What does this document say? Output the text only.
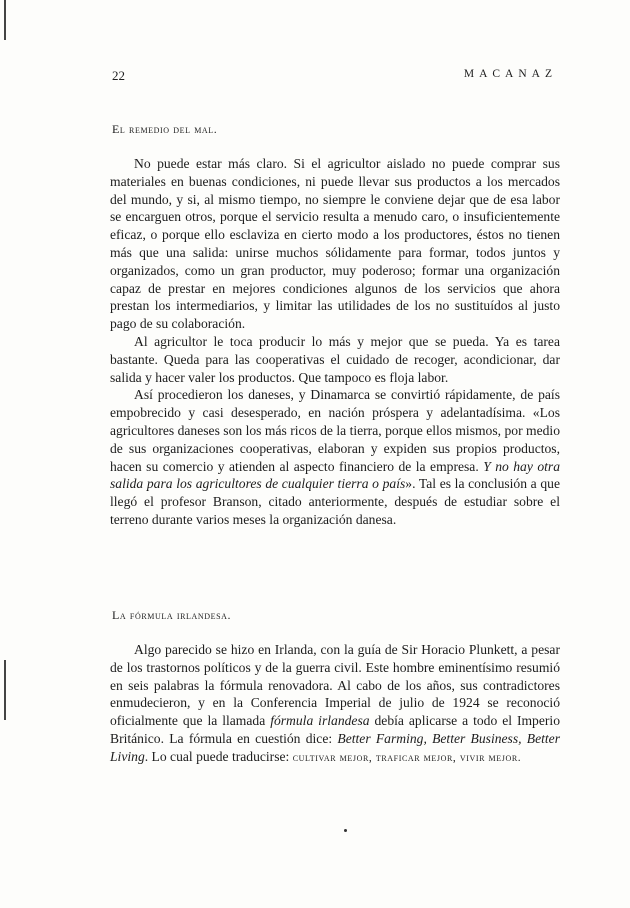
22	MACANAZ
El remedio del mal.

No puede estar más claro. Si el agricultor aislado no puede comprar sus materiales en buenas condiciones, ni puede llevar sus productos a los mercados del mundo, y si, al mismo tiempo, no siempre le conviene dejar que de esa labor se encarguen otros, porque el servicio resulta a menudo caro, o insuficientemente eficaz, o porque ello esclaviza en cierto modo a los productores, éstos no tienen más que una salida: unirse muchos sólidamente para formar, todos juntos y organizados, como un gran productor, muy poderoso; formar una organización capaz de prestar en mejores condiciones algunos de los servicios que ahora prestan los intermediarios, y limitar las utilidades de los no sustituídos al justo pago de su colaboración.

Al agricultor le toca producir lo más y mejor que se pueda. Ya es tarea bastante. Queda para las cooperativas el cuidado de recoger, acondicionar, dar salida y hacer valer los productos. Que tampoco es floja labor.

Así procedieron los daneses, y Dinamarca se convirtió rápidamente, de país empobrecido y casi desesperado, en nación próspera y adelantadísima. «Los agricultores daneses son los más ricos de la tierra, porque ellos mismos, por medio de sus organizaciones cooperativas, elaboran y expiden sus propios productos, hacen su comercio y atienden al aspecto financiero de la empresa. Y no hay otra salida para los agricultores de cualquier tierra o país». Tal es la conclusión a que llegó el profesor Branson, citado anteriormente, después de estudiar sobre el terreno durante varios meses la organización danesa.

La fórmula irlandesa.

Algo parecido se hizo en Irlanda, con la guía de Sir Horacio Plunkett, a pesar de los trastornos políticos y de la guerra civil. Este hombre eminentísimo resumió en seis palabras la fórmula renovadora. Al cabo de los años, sus contradictores enmudecieron, y en la Conferencia Imperial de julio de 1924 se reconoció oficialmente que la llamada fórmula irlandesa debía aplicarse a todo el Imperio Británico. La fórmula en cuestión dice: Better Farming, Better Business, Better Living. Lo cual puede traducirse: cultivar mejor, traficar mejor, vivir mejor.
